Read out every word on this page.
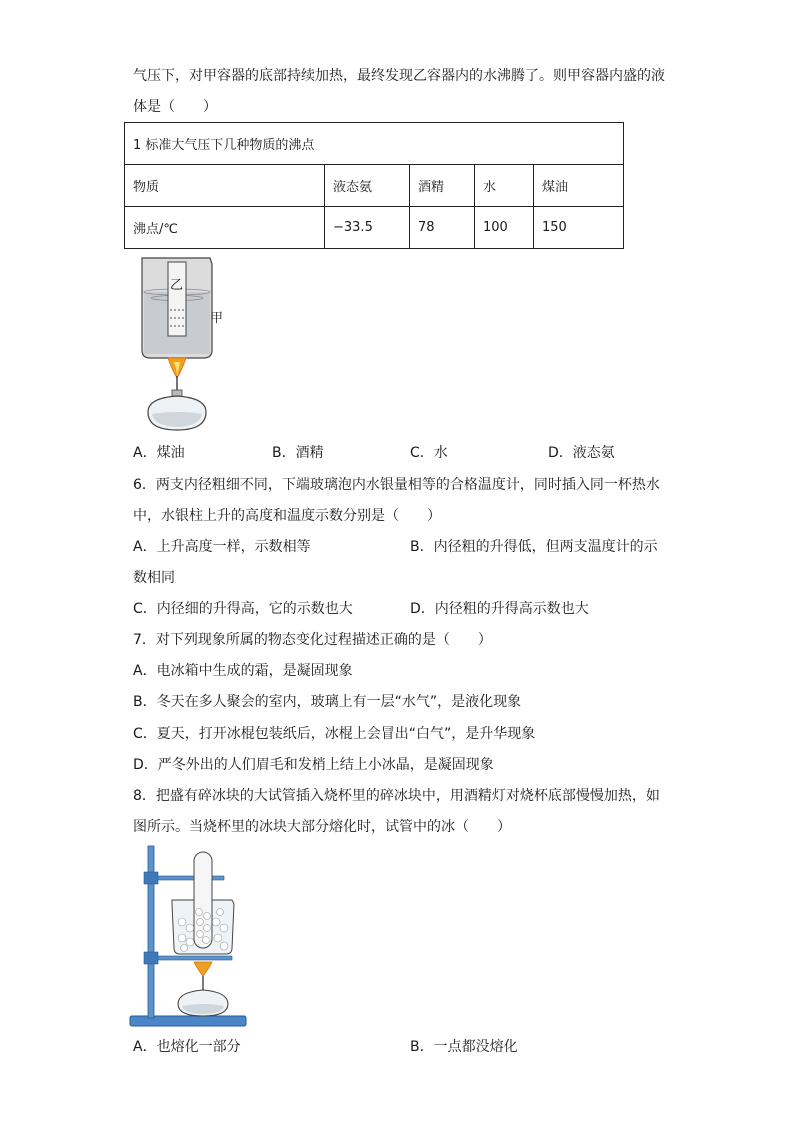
气压下，对甲容器的底部持续加热，最终发现乙容器内的水沸腾了。则甲容器内盛的液
体是（　　）
1 标准大气压下几种物质的沸点				
物质	液态氨	酒精	水	煤油
沸点/℃	−33.5	78	100	150
乙
甲
A．煤油	B．酒精	C．水	D．液态氨
6．两支内径粗细不同，下端玻璃泡内水银量相等的合格温度计，同时插入同一杯热水
中，水银柱上升的高度和温度示数分别是（　　）
A．上升高度一样，示数相等	B．内径粗的升得低，但两支温度计的示
数相同
C．内径细的升得高，它的示数也大	D．内径粗的升得高示数也大
7．对下列现象所属的物态变化过程描述正确的是（　　）
A．电冰箱中生成的霜，是凝固现象
B．冬天在多人聚会的室内，玻璃上有一层“水气”，是液化现象
C．夏天，打开冰棍包装纸后，冰棍上会冒出“白气”，是升华现象
D．严冬外出的人们眉毛和发梢上结上小冰晶，是凝固现象
8．把盛有碎冰块的大试管插入烧杯里的碎冰块中，用酒精灯对烧杯底部慢慢加热，如
图所示。当烧杯里的冰块大部分熔化时，试管中的冰（　　）
A．也熔化一部分	B．一点都没熔化
